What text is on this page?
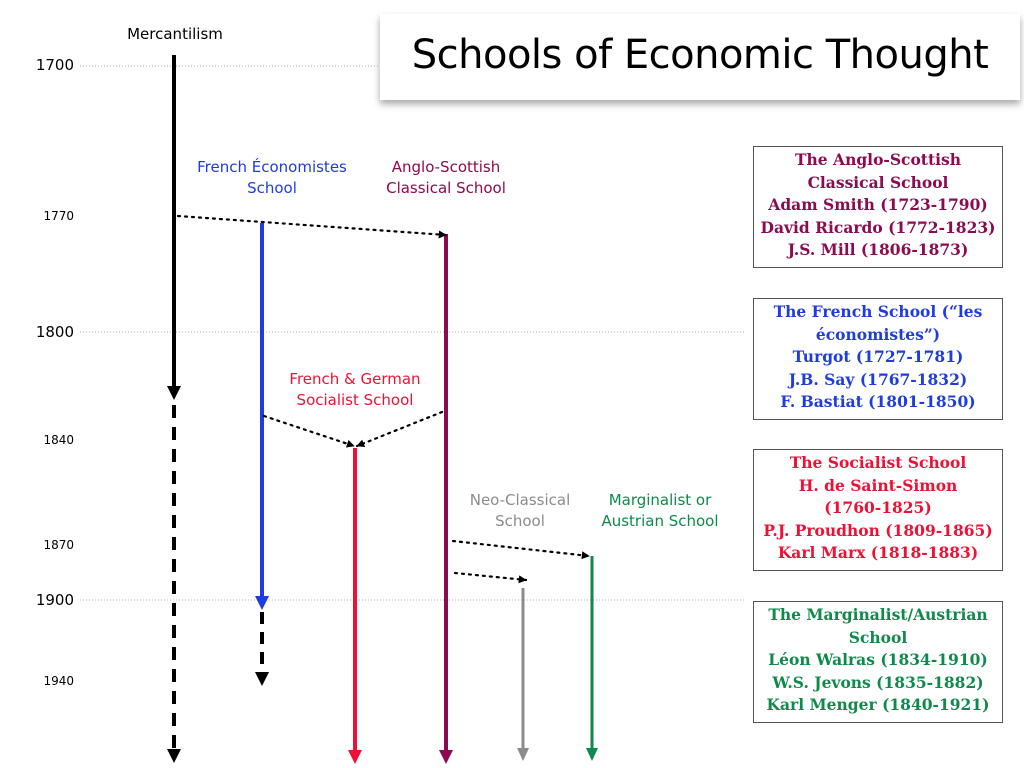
Schools of Economic Thought
1700
1770
1800
1840
1870
1900
1940
Mercantilism
French Économistes
School
Anglo-Scottish
Classical School
French & German
Socialist School
Neo-Classical
School
Marginalist or
Austrian School
The Anglo-Scottish
Classical School
Adam Smith (1723-1790)
David Ricardo (1772-1823)
J.S. Mill (1806-1873)
The French School (“les
économistes”)
Turgot (1727-1781)
J.B. Say (1767-1832)
F. Bastiat (1801-1850)
The Socialist School
H. de Saint-Simon
(1760-1825)
P.J. Proudhon (1809-1865)
Karl Marx (1818-1883)
The Marginalist/Austrian
School
Léon Walras (1834-1910)
W.S. Jevons (1835-1882)
Karl Menger (1840-1921)
